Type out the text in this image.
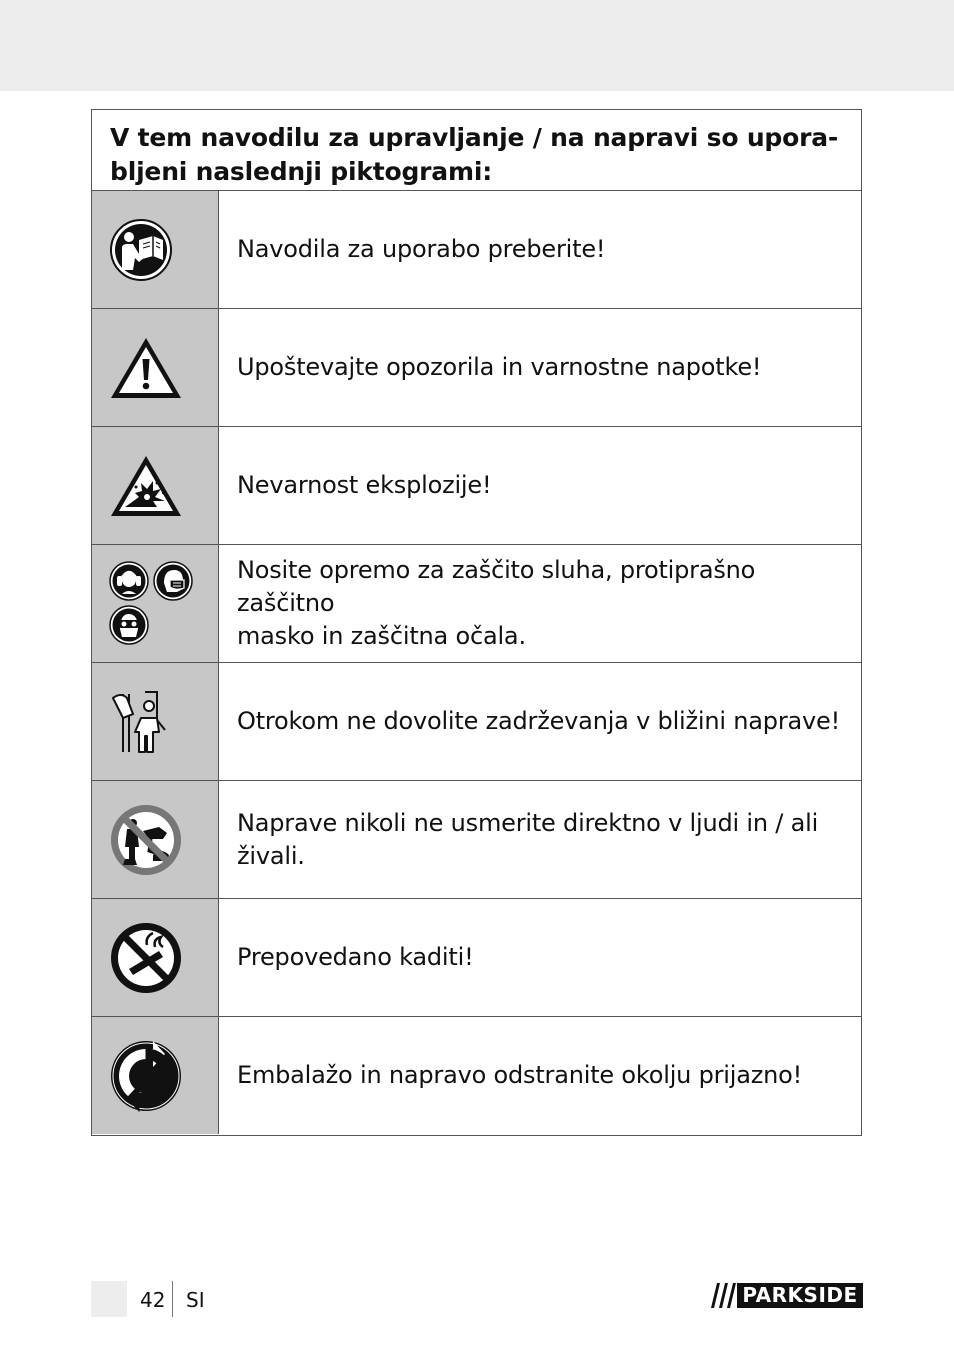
V tem navodilu za upravljanje / na napravi so upora-
bljeni naslednji piktogrami:
Navodila za uporabo preberite!
Upoštevajte opozorila in varnostne napotke!
Nevarnost eksplozije!
Nosite opremo za zaščito sluha, protiprašno zaščitno
masko in zaščitna očala.
Otrokom ne dovolite zadrževanja v bližini naprave!
Naprave nikoli ne usmerite direktno v ljudi in / ali živali.
Prepovedano kaditi!
Embalažo in napravo odstranite okolju prijazno!
42 SI	PARKSIDE
